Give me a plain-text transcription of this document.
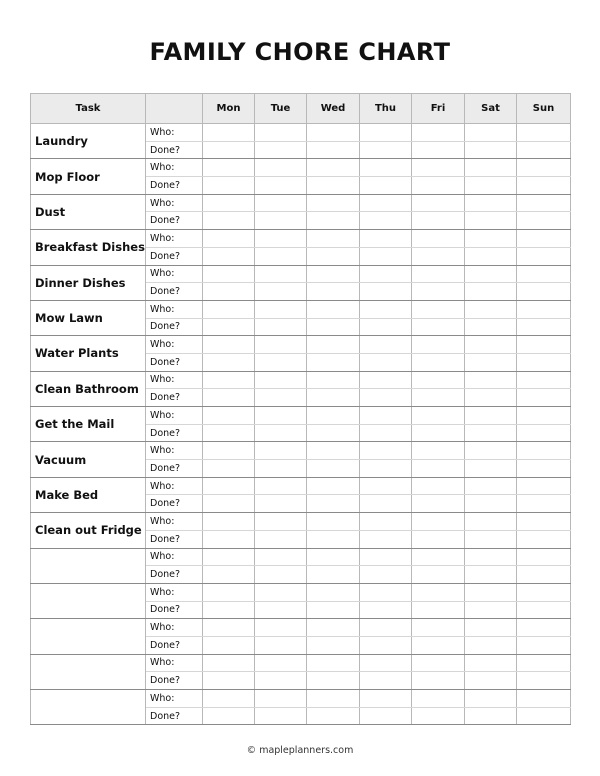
FAMILY CHORE CHART
Task		Mon	Tue	Wed	Thu	Fri	Sat	Sun
Laundry	Who:							
	Done?							
Mop Floor	Who:							
	Done?							
Dust	Who:							
	Done?							
Breakfast Dishes	Who:							
	Done?							
Dinner Dishes	Who:							
	Done?							
Mow Lawn	Who:							
	Done?							
Water Plants	Who:							
	Done?							
Clean Bathroom	Who:							
	Done?							
Get the Mail	Who:							
	Done?							
Vacuum	Who:							
	Done?							
Make Bed	Who:							
	Done?							
Clean out Fridge	Who:							
	Done?							
	Who:							
	Done?							
	Who:							
	Done?							
	Who:							
	Done?							
	Who:							
	Done?							
	Who:							
	Done?							
© mapleplanners.com
